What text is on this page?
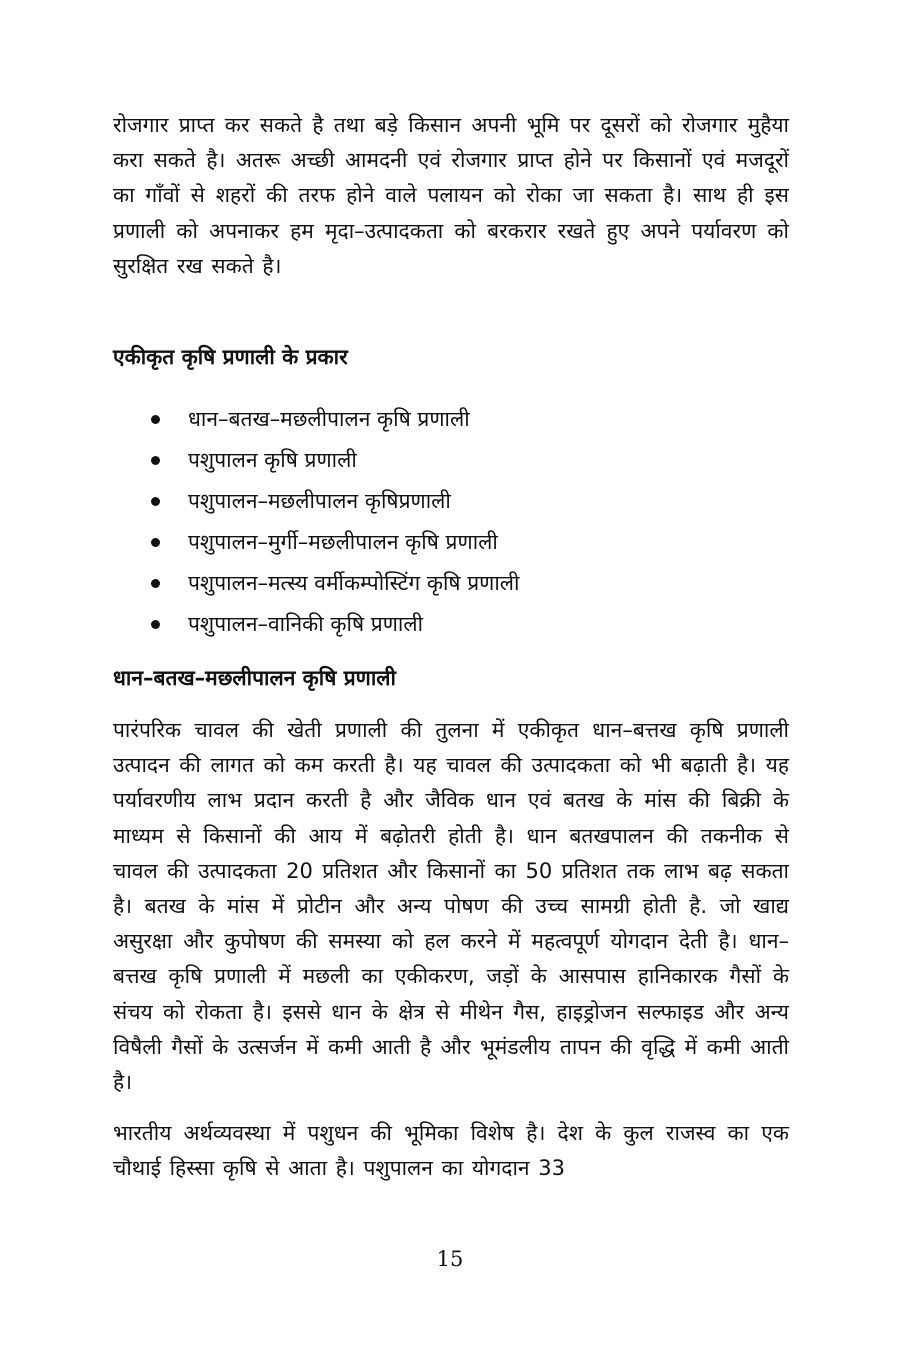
रोजगार प्राप्त कर सकते है तथा बड़े किसान अपनी भूमि पर दूसरों को रोजगार मुहैया करा सकते है। अतरू अच्छी आमदनी एवं रोजगार प्राप्त होने पर किसानों एवं मजदूरों का गाँवों से शहरों की तरफ होने वाले पलायन को रोका जा सकता है। साथ ही इस प्रणाली को अपनाकर हम मृदा–उत्पादकता को बरकरार रखते हुए अपने पर्यावरण को सुरक्षित रख सकते है।

एकीकृत कृषि प्रणाली के प्रकार
धान–बतख–मछलीपालन कृषि प्रणाली
पशुपालन कृषि प्रणाली
पशुपालन–मछलीपालन कृषिप्रणाली
पशुपालन–मुर्गी–मछलीपालन कृषि प्रणाली
पशुपालन–मत्स्य वर्मीकम्पोस्टिंग कृषि प्रणाली
पशुपालन–वानिकी कृषि प्रणाली
धान–बतख–मछलीपालन कृषि प्रणाली

पारंपरिक चावल की खेती प्रणाली की तुलना में एकीकृत धान–बत्तख कृषि प्रणाली उत्पादन की लागत को कम करती है। यह चावल की उत्पादकता को भी बढ़ाती है। यह पर्यावरणीय लाभ प्रदान करती है और जैविक धान एवं बतख के मांस की बिक्री के माध्यम से किसानों की आय में बढ़ोतरी होती है। धान बतखपालन की तकनीक से चावल की उत्पादकता 20 प्रतिशत और किसानों का 50 प्रतिशत तक लाभ बढ़ सकता है। बतख के मांस में प्रोटीन और अन्य पोषण की उच्च सामग्री होती है. जो खाद्य असुरक्षा और कुपोषण की समस्या को हल करने में महत्वपूर्ण योगदान देती है। धान–बत्तख कृषि प्रणाली में मछली का एकीकरण, जड़ों के आसपास हानिकारक गैसों के संचय को रोकता है। इससे धान के क्षेत्र से मीथेन गैस, हाइड्रोजन सल्फाइड और अन्य विषैली गैसों के उत्सर्जन में कमी आती है और भूमंडलीय तापन की वृद्धि में कमी आती है।

भारतीय अर्थव्यवस्था में पशुधन की भूमिका विशेष है। देश के कुल राजस्व का एक चौथाई हिस्सा कृषि से आता है। पशुपालन का योगदान 33

15
